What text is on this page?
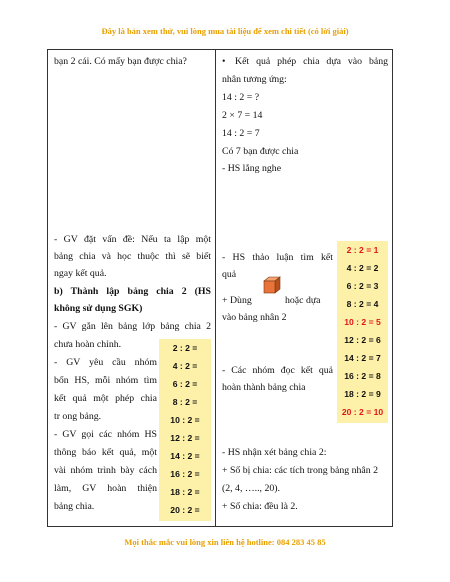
Đây là bản xem thử, vui lòng mua tài liệu để xem chi tiết (có lời giải)
bạn 2 cái. Có mấy bạn được chia?
- GV đặt vấn đề: Nếu ta lập một
bảng chia và học thuộc thì sẽ biết
ngay kết quả.
b) Thành lập bảng chia 2 (HS
không sử dụng SGK)
- GV gắn lên bảng lớp bảng chia 2
chưa hoàn chỉnh.
- GV yêu cầu nhóm
bốn HS, mỗi nhóm tìm
kết quả một phép chia
tr ong bảng.
- GV gọi các nhóm HS
thông báo kết quả, một
vài nhóm trình bày cách
làm, GV hoàn thiện
bảng chia.
2 : 2 =
4 : 2 =
6 : 2 =
8 : 2 =
10 : 2 =
12 : 2 =
14 : 2 =
16 : 2 =
18 : 2 =
20 : 2 =
• Kết quả phép chia dựa vào bảng
nhân tương ứng:
14 : 2 = ?
2 × 7 = 14
14 : 2 = 7
Có 7 bạn được chia
- HS lắng nghe
- HS thảo luận tìm kết
quả
+ Dùng	hoặc dựa
vào bảng nhân 2
- Các nhóm đọc kết quả
hoàn thành bảng chia
- HS nhận xét bảng chia 2:
+ Số bị chia: các tích trong bảng nhân 2
(2, 4, ….., 20).
+ Số chia: đều là 2.
2 : 2 = 1
4 : 2 = 2
6 : 2 = 3
8 : 2 = 4
10 : 2 = 5
12 : 2 = 6
14 : 2 = 7
16 : 2 = 8
18 : 2 = 9
20 : 2 = 10
Mọi thắc mắc vui lòng xin liên hệ hotline: 084 283 45 85
